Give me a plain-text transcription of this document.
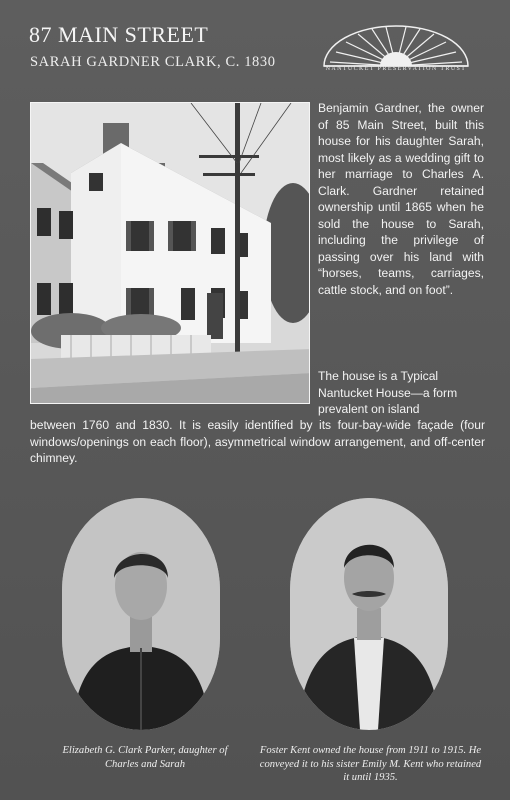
87 MAIN STREET
SARAH GARDNER CLARK, C. 1830	NANTUCKET PRESERVATION TRUST
Benjamin Gardner, the owner of 85 Main Street, built this house for his daughter Sarah, most likely as a wedding gift to her marriage to Charles A. Clark. Gardner retained ownership until 1865 when he sold the house to Sarah, including the privilege of passing over his land with “horses, teams, carriages, cattle stock, and on foot”.
The house is a Typical Nantucket House—a form prevalent on island
between 1760 and 1830. It is easily identified by its four-bay-wide façade (four windows/openings on each floor), asymmetrical window arrangement, and off-center chimney.
Elizabeth G. Clark Parker, daughter of Charles and Sarah
Foster Kent owned the house from 1911 to 1915. He conveyed it to his sister Emily M. Kent who retained it until 1935.
